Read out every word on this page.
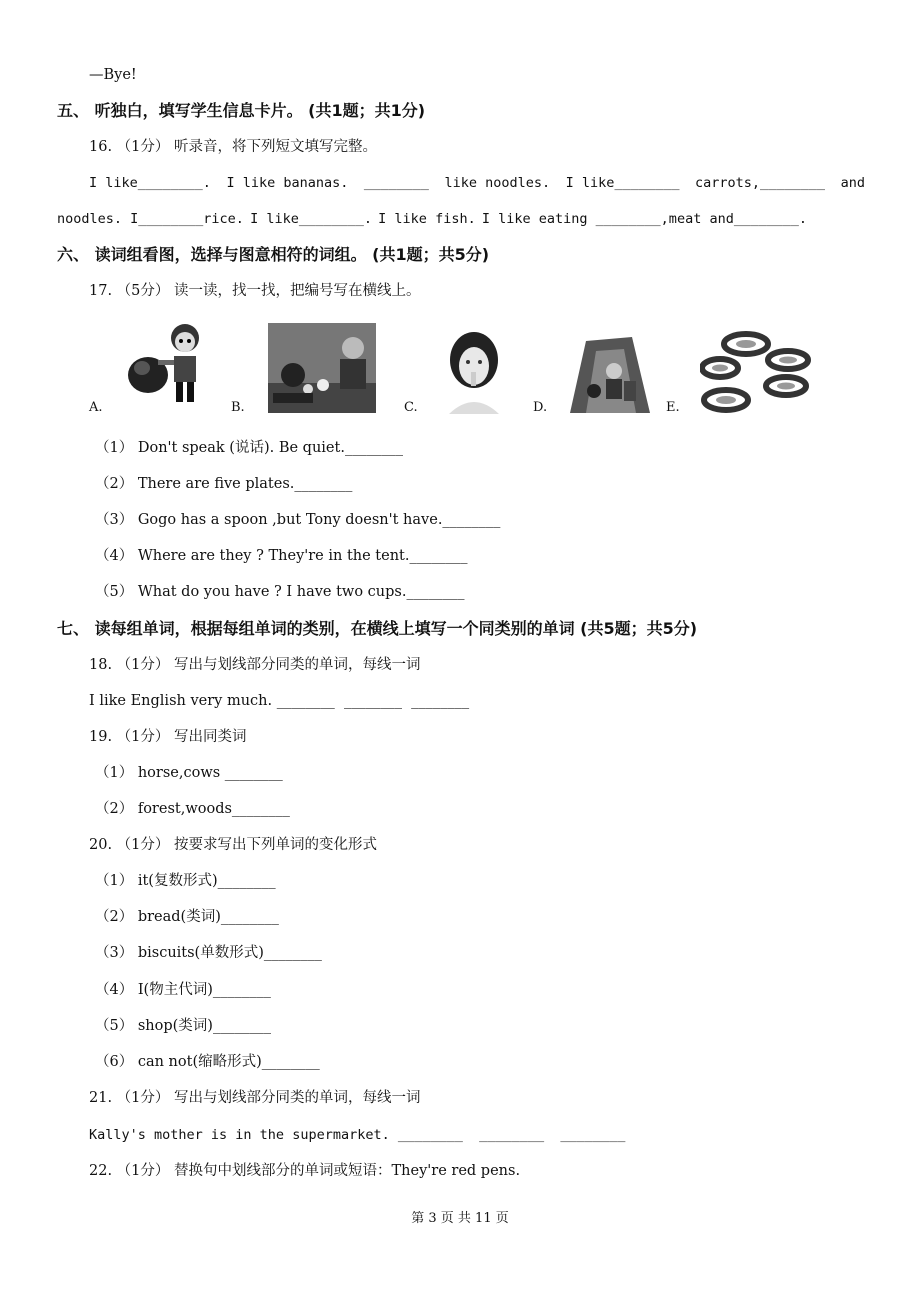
—Bye!
五、 听独白，填写学生信息卡片。 (共1题；共1分)
16. （1分） 听录音，将下列短文填写完整。
I like________. I like bananas. ________ like noodles. I like________ carrots,________ and
noodles. I________rice. I like________. I like fish. I like eating ________,meat and________.
六、 读词组看图，选择与图意相符的词组。 (共1题；共5分)
17. （5分） 读一读，找一找，把编号写在横线上。
A.	B.	C.	D.	E.
（1） Don't speak (说话). Be quiet.________
（2） There are five plates.________
（3） Gogo has a spoon ,but Tony doesn't have.________
（4） Where are they ? They're in the tent.________
（5） What do you have ? I have two cups.________
七、 读每组单词，根据每组单词的类别，在横线上填写一个同类别的单词 (共5题；共5分)
18. （1分） 写出与划线部分同类的单词，每线一词
I like English very much. ________  ________  ________
19. （1分） 写出同类词
（1） horse,cows ________
（2） forest,woods________
20. （1分） 按要求写出下列单词的变化形式
（1） it(复数形式)________
（2） bread(类词)________
（3） biscuits(单数形式)________
（4） I(物主代词)________
（5） shop(类词)________
（6） can not(缩略形式)________
21. （1分） 写出与划线部分同类的单词，每线一词
Kally's mother is in the supermarket. ________  ________  ________
22. （1分） 替换句中划线部分的单词或短语：They're red pens.
第 3 页 共 11 页
